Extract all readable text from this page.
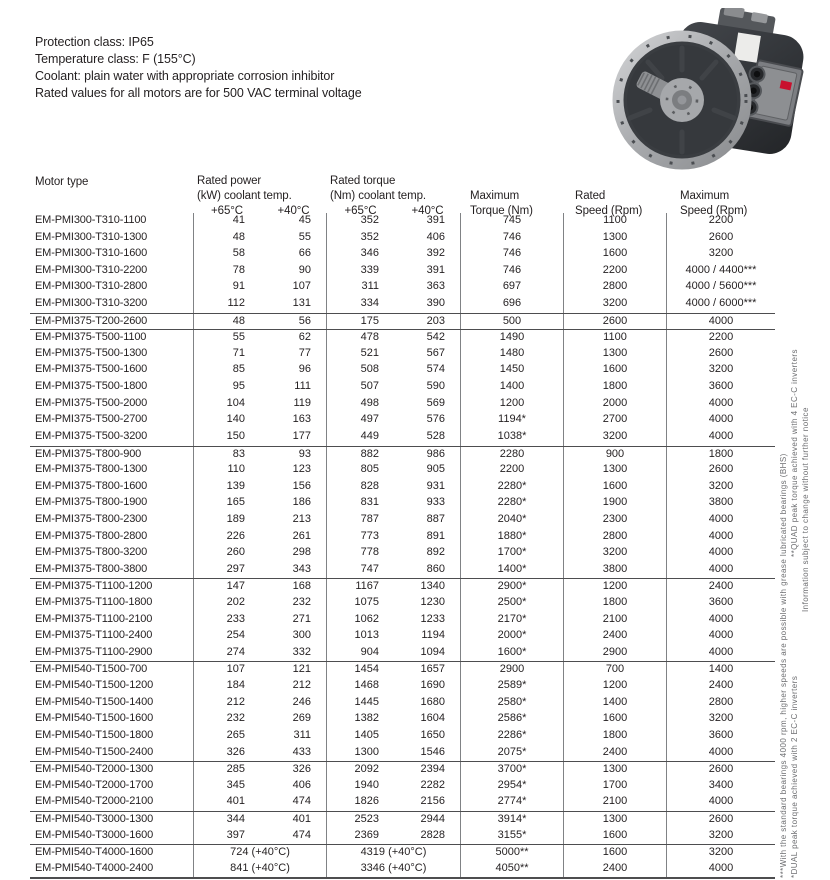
Protection class: IP65
Temperature class: F (155°C)
Coolant: plain water with appropriate corrosion inhibitor
Rated values for all motors are for 500 VAC terminal voltage
Motor type	Rated power
(kW) coolant temp.
+65°C	+40°C
Rated torque
(Nm) coolant temp.
+65°C	+40°C
Maximum
Torque (Nm)
Rated
Speed (Rpm)
Maximum
Speed (Rpm)
EM-PMI300-T310-1100	41	45	352	391	745	1100	2200
EM-PMI300-T310-1300	48	55	352	406	746	1300	2600
EM-PMI300-T310-1600	58	66	346	392	746	1600	3200
EM-PMI300-T310-2200	78	90	339	391	746	2200	4000 / 4400***
EM-PMI300-T310-2800	91	107	311	363	697	2800	4000 / 5600***
EM-PMI300-T310-3200	112	131	334	390	696	3200	4000 / 6000***
EM-PMI375-T200-2600	48	56	175	203	500	2600	4000
EM-PMI375-T500-1100	55	62	478	542	1490	1100	2200
EM-PMI375-T500-1300	71	77	521	567	1480	1300	2600
EM-PMI375-T500-1600	85	96	508	574	1450	1600	3200
EM-PMI375-T500-1800	95	111	507	590	1400	1800	3600
EM-PMI375-T500-2000	104	119	498	569	1200	2000	4000
EM-PMI375-T500-2700	140	163	497	576	1194*	2700	4000
EM-PMI375-T500-3200	150	177	449	528	1038*	3200	4000
EM-PMI375-T800-900	83	93	882	986	2280	900	1800
EM-PMI375-T800-1300	110	123	805	905	2200	1300	2600
EM-PMI375-T800-1600	139	156	828	931	2280*	1600	3200
EM-PMI375-T800-1900	165	186	831	933	2280*	1900	3800
EM-PMI375-T800-2300	189	213	787	887	2040*	2300	4000
EM-PMI375-T800-2800	226	261	773	891	1880*	2800	4000
EM-PMI375-T800-3200	260	298	778	892	1700*	3200	4000
EM-PMI375-T800-3800	297	343	747	860	1400*	3800	4000
EM-PMI375-T1100-1200	147	168	1167	1340	2900*	1200	2400
EM-PMI375-T1100-1800	202	232	1075	1230	2500*	1800	3600
EM-PMI375-T1100-2100	233	271	1062	1233	2170*	2100	4000
EM-PMI375-T1100-2400	254	300	1013	1194	2000*	2400	4000
EM-PMI375-T1100-2900	274	332	904	1094	1600*	2900	4000
EM-PMI540-T1500-700	107	121	1454	1657	2900	700	1400
EM-PMI540-T1500-1200	184	212	1468	1690	2589*	1200	2400
EM-PMI540-T1500-1400	212	246	1445	1680	2580*	1400	2800
EM-PMI540-T1500-1600	232	269	1382	1604	2586*	1600	3200
EM-PMI540-T1500-1800	265	311	1405	1650	2286*	1800	3600
EM-PMI540-T1500-2400	326	433	1300	1546	2075*	2400	4000
EM-PMI540-T2000-1300	285	326	2092	2394	3700*	1300	2600
EM-PMI540-T2000-1700	345	406	1940	2282	2954*	1700	3400
EM-PMI540-T2000-2100	401	474	1826	2156	2774*	2100	4000
EM-PMI540-T3000-1300	344	401	2523	2944	3914*	1300	2600
EM-PMI540-T3000-1600	397	474	2369	2828	3155*	1600	3200
EM-PMI540-T4000-1600	724 (+40°C)	4319 (+40°C)	5000**	1600	3200
EM-PMI540-T4000-2400	841 (+40°C)	3346 (+40°C)	4050**	2400	4000	***With the standard bearings 4000 rpm, higher speeds are possible with grease lubricated bearings (BHS) *DUAL peak torque achieved with 2 EC-C inverters
**QUAD peak torque achieved with 4 EC-C inverters Information subject to change without further notice
